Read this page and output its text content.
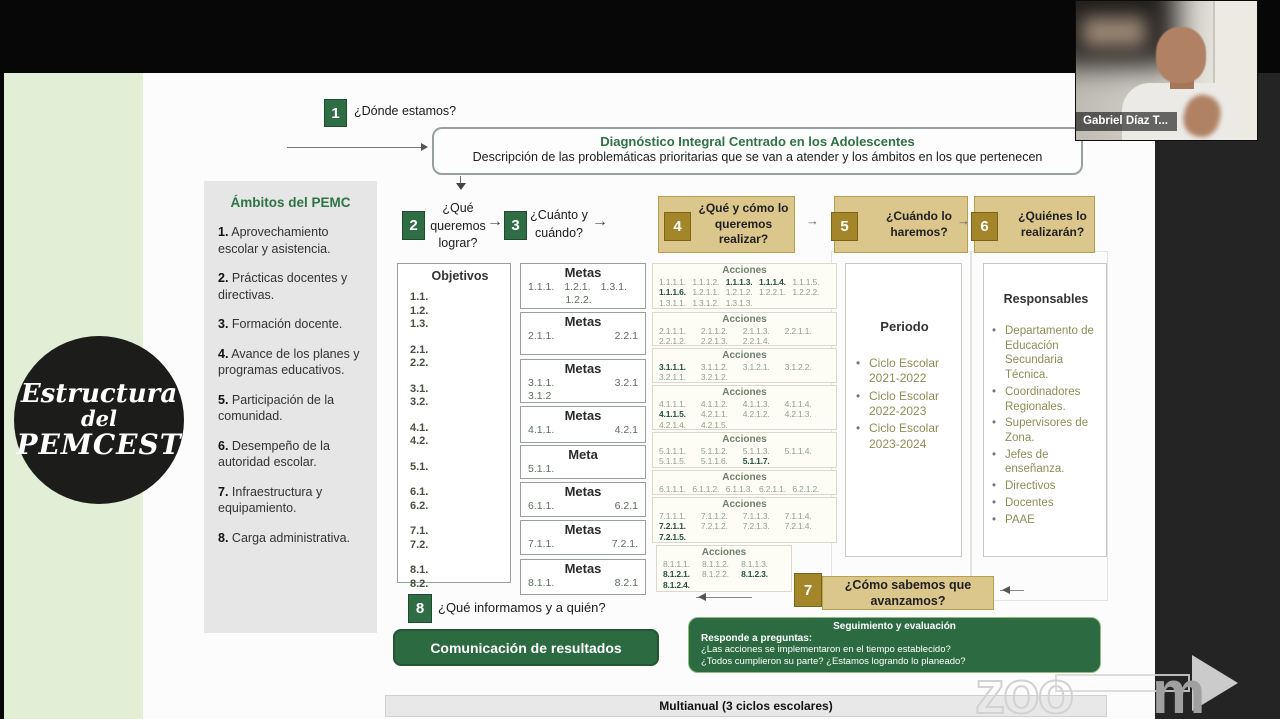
Estructura
del
PEMCEST
Ámbitos del PEMC

1. Aprovechamiento escolar y asistencia.

2. Prácticas docentes y directivas.

3. Formación docente.

4. Avance de los planes y programas educativos.

5. Participación de la comunidad.

6. Desempeño de la autoridad escolar.

7. Infraestructura y equipamiento.

8. Carga administrativa.

1	¿Dónde estamos?
Diagnóstico Integral Centrado en los Adolescentes
Descripción de las problemáticas prioritarias que se van a atender y los ámbitos en los que pertenecen
2
¿Qué queremos lograr?
→ 3
¿Cuánto y cuándo?
→
¿Qué y cómo lo queremos realizar?
4	→	¿Cuándo lo haremos?
5	→	¿Quiénes lo realizarán?
6
Objetivos
1.1.
1.2.
1.3.
2.1.
2.2.
3.1.
3.2.
4.1.
4.2.
5.1.
6.1.
6.2.
7.1.
7.2.
8.1.
8.2.
Metas
1.1.1. 1.2.1. 1.3.1.
1.2.2.
Metas
2.1.1.	2.2.1
Metas
3.1.1.	3.2.1
3.1.2
Metas
4.1.1.	4.2.1
Meta
5.1.1.
Metas
6.1.1.	6.2.1
Metas
7.1.1.	7.2.1.
Metas
8.1.1.	8.2.1
Acciones
1.1.1.1. 1.1.1.2. 1.1.1.3. 1.1.1.4. 1.1.1.5.
1.1.1.6. 1.2.1.1. 1.2.1.2. 1.2.2.1. 1.2.2.2.
1.3.1.1. 1.3.1.2. 1.3.1.3.
Acciones
2.1.1.1.	2.1.1.2.	2.1.1.3.	2.2.1.1.
2.2.1.2.	2.2.1.3.	2.2.1.4.
Acciones
3.1.1.1.	3.1.1.2.	3.1.2.1.	3.1.2.2.
3.2.1.1.	3.2.1.2.
Acciones
4.1.1.1.	4.1.1.2.	4.1.1.3.	4.1.1.4.
4.1.1.5.	4.2.1.1.	4.2.1.2.	4.2.1.3.
4.2.1.4.	4.2.1.5.
Acciones
5.1.1.1.	5.1.1.2.	5.1.1.3.	5.1.1.4.
5.1.1.5.	5.1.1.6.	5.1.1.7.
Acciones
6.1.1.1. 6.1.1.2. 6.1.1.3. 6.2.1.1. 6.2.1.2.
Acciones
7.1.1.1.	7.1.1.2.	7.1.1.3.	7.1.1.4.
7.2.1.1.	7.2.1.2.	7.2.1.3.	7.2.1.4.
7.2.1.5.
Acciones
8.1.1.1.	8.1.1.2.	8.1.1.3.
8.1.2.1.	8.1.2.2.	8.1.2.3.
8.1.2.4.
Periodo
• Ciclo Escolar 2021-2022
• Ciclo Escolar 2022-2023
• Ciclo Escolar 2023-2024
Responsables
• Departamento de Educación Secundaria Técnica.
• Coordinadores Regionales.
• Supervisores de Zona.
• Jefes de enseñanza.
• Directivos
• Docentes
• PAAE
7	¿Cómo sabemos que avanzamos?
8	¿Qué informamos y a quién?
Comunicación de resultados
Seguimiento y evaluación
Responde a preguntas:
¿Las acciones se implementaron en el tiempo establecido?
¿Todos cumplieron su parte? ¿Estamos logrando lo planeado?
Multianual (3 ciclos escolares) zoo m
Gabriel Díaz T...
